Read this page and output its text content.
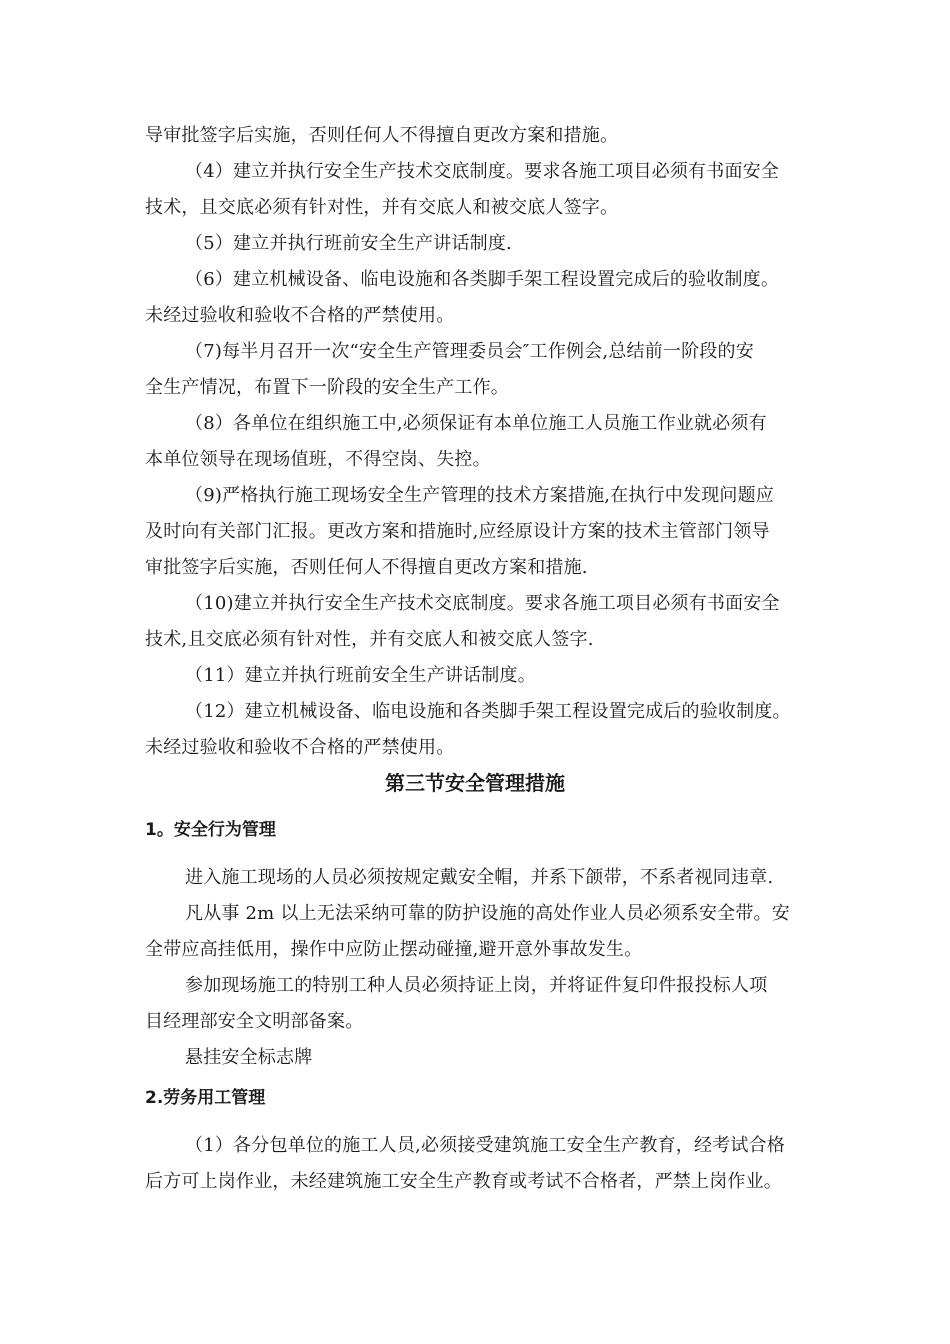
导审批签字后实施，否则任何人不得擅自更改方案和措施。

（4）建立并执行安全生产技术交底制度。要求各施工项目必须有书面安全

技术，且交底必须有针对性，并有交底人和被交底人签字。

（5）建立并执行班前安全生产讲话制度.

（6）建立机械设备、临电设施和各类脚手架工程设置完成后的验收制度。

未经过验收和验收不合格的严禁使用。

（7)每半月召开一次“安全生产管理委员会″工作例会,总结前一阶段的安

全生产情况，布置下一阶段的安全生产工作。

（8）各单位在组织施工中,必须保证有本单位施工人员施工作业就必须有

本单位领导在现场值班，不得空岗、失控。

（9)严格执行施工现场安全生产管理的技术方案措施,在执行中发现问题应

及时向有关部门汇报。更改方案和措施时,应经原设计方案的技术主管部门领导

审批签字后实施，否则任何人不得擅自更改方案和措施.

（10)建立并执行安全生产技术交底制度。要求各施工项目必须有书面安全

技术,且交底必须有针对性，并有交底人和被交底人签字.

（11）建立并执行班前安全生产讲话制度。

（12）建立机械设备、临电设施和各类脚手架工程设置完成后的验收制度。

未经过验收和验收不合格的严禁使用。

第三节安全管理措施
1。安全行为管理

进入施工现场的人员必须按规定戴安全帽，并系下颌带，不系者视同违章.

凡从事 2m 以上无法采纳可靠的防护设施的高处作业人员必须系安全带。安

全带应高挂低用，操作中应防止摆动碰撞,避开意外事故发生。

参加现场施工的特别工种人员必须持证上岗，并将证件复印件报投标人项

目经理部安全文明部备案。

悬挂安全标志牌

2.劳务用工管理

（1）各分包单位的施工人员,必须接受建筑施工安全生产教育，经考试合格

后方可上岗作业，未经建筑施工安全生产教育或考试不合格者，严禁上岗作业。
